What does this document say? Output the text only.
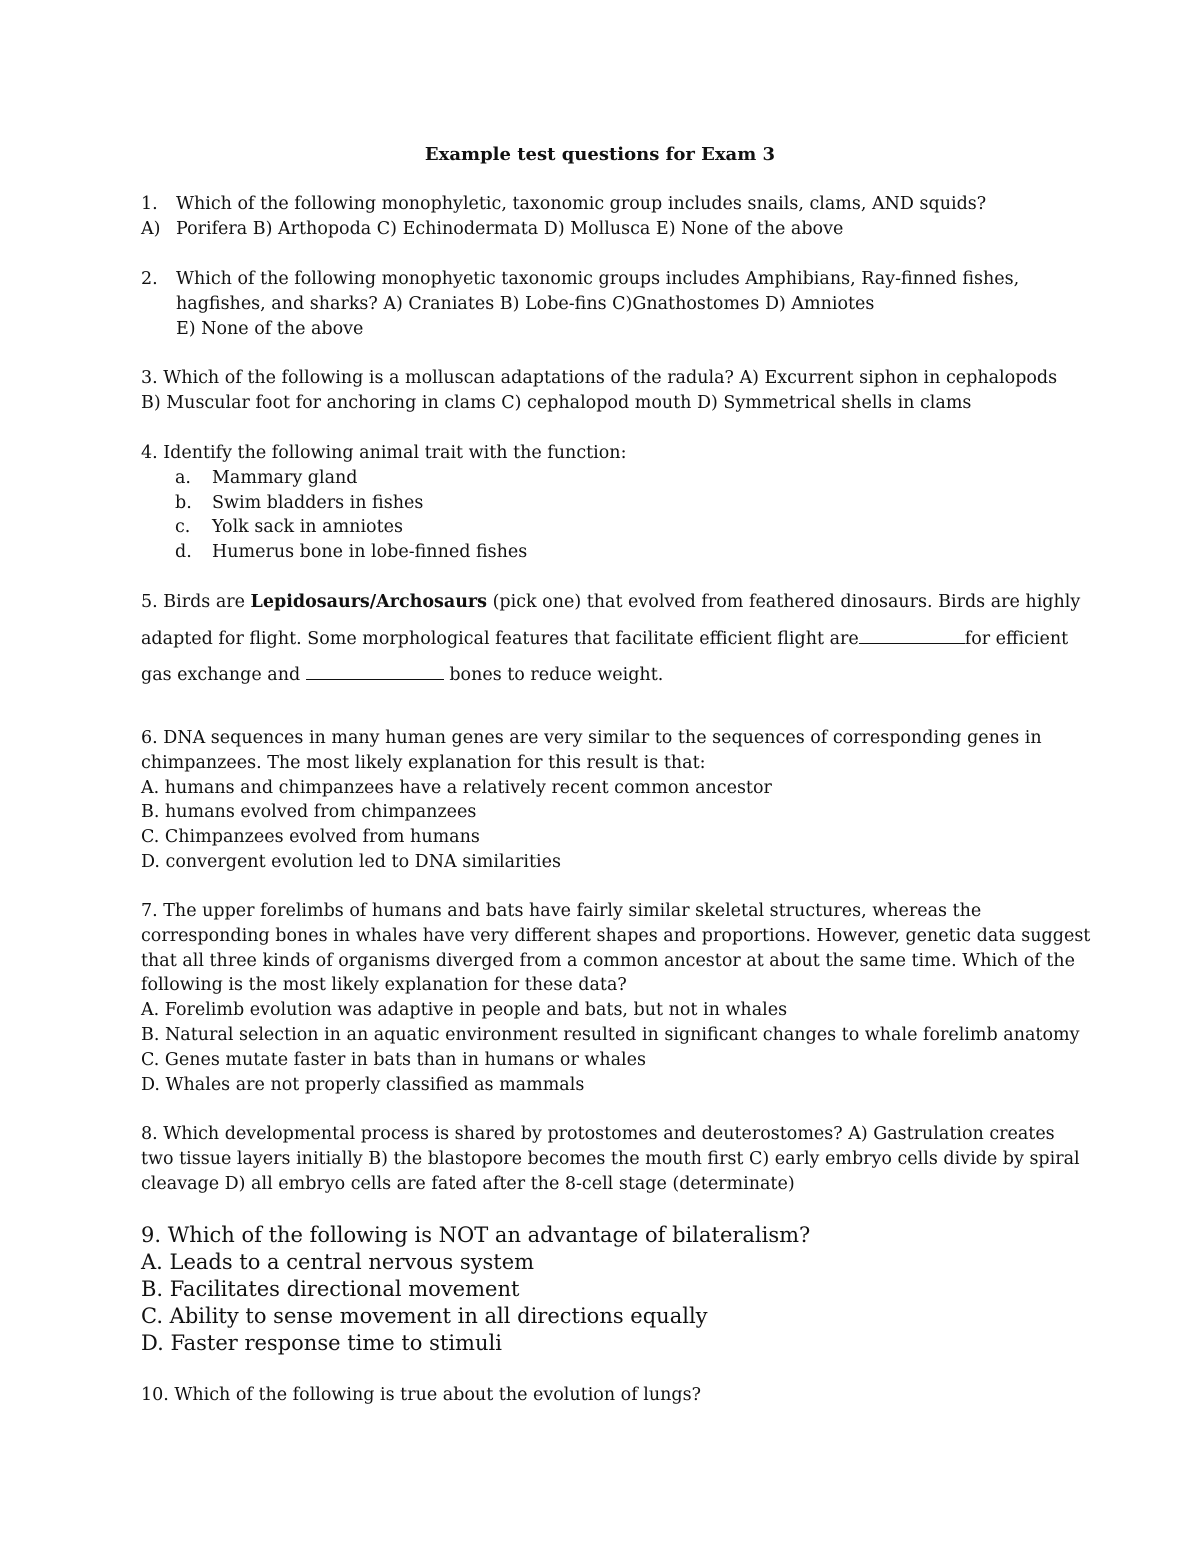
Example test questions for Exam 3
1.	Which of the following monophyletic, taxonomic group includes snails, clams, AND squids?
A) Porifera B) Arthopoda C) Echinodermata D) Mollusca E) None of the above
2.	Which of the following monophyetic taxonomic groups includes Amphibians, Ray-finned fishes,
hagfishes, and sharks? A) Craniates B) Lobe-fins C)Gnathostomes D) Amniotes
E) None of the above
3. Which of the following is a molluscan adaptations of the radula? A) Excurrent siphon in cephalopods
B) Muscular foot for anchoring in clams C) cephalopod mouth D) Symmetrical shells in clams
4. Identify the following animal trait with the function:
a. Mammary gland
b. Swim bladders in fishes
c. Yolk sack in amniotes
d. Humerus bone in lobe-finned fishes
5. Birds are Lepidosaurs/Archosaurs (pick one) that evolved from feathered dinosaurs. Birds are highly
adapted for flight. Some morphological features that facilitate efficient flight are	for efficient
gas exchange and	bones to reduce weight.
6. DNA sequences in many human genes are very similar to the sequences of corresponding genes in
chimpanzees. The most likely explanation for this result is that:
A. humans and chimpanzees have a relatively recent common ancestor
B. humans evolved from chimpanzees
C. Chimpanzees evolved from humans
D. convergent evolution led to DNA similarities
7. The upper forelimbs of humans and bats have fairly similar skeletal structures, whereas the
corresponding bones in whales have very different shapes and proportions. However, genetic data suggest
that all three kinds of organisms diverged from a common ancestor at about the same time. Which of the
following is the most likely explanation for these data?
A. Forelimb evolution was adaptive in people and bats, but not in whales
B. Natural selection in an aquatic environment resulted in significant changes to whale forelimb anatomy
C. Genes mutate faster in bats than in humans or whales
D. Whales are not properly classified as mammals
8. Which developmental process is shared by protostomes and deuterostomes? A) Gastrulation creates
two tissue layers initially B) the blastopore becomes the mouth first C) early embryo cells divide by spiral
cleavage D) all embryo cells are fated after the 8-cell stage (determinate)
9. Which of the following is NOT an advantage of bilateralism?
A. Leads to a central nervous system
B. Facilitates directional movement
C. Ability to sense movement in all directions equally
D. Faster response time to stimuli
10. Which of the following is true about the evolution of lungs?
